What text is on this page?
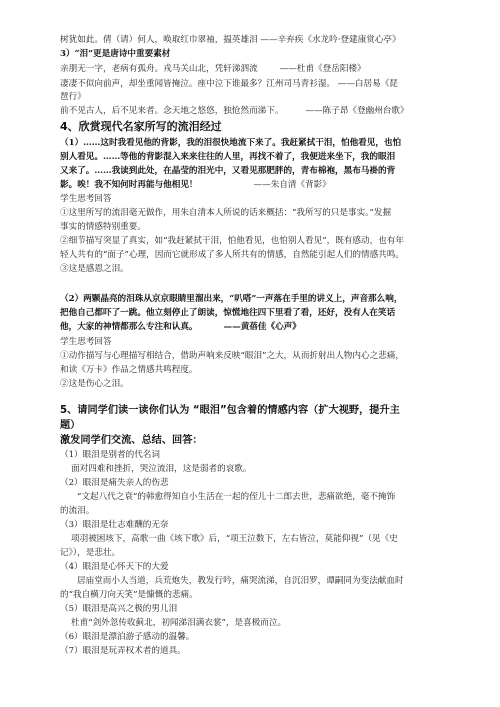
树犹如此。倩（请）何人，唤取红巾翠袖，揾英雄泪 ——辛弃疾《水龙吟·登建康赏心亭》
3）“泪”更是唐诗中重要素材
亲朋无一字，老病有孤舟。戎马关山北，凭轩涕泗流	——杜甫《登岳阳楼》
凄凄不似向前声，却坐重闻皆掩泣。座中泣下谁最多？江州司马青衫湿。 ——白居易《琵
琶行》
前不见古人，后不见来者。念天地之悠悠，独怆然而涕下。	——陈子昂《登幽州台歌》
4、欣赏现代名家所写的流泪经过
（1）……这时我看见他的背影，我的泪很快地流下来了。我赶紧拭干泪，怕他看见，也怕
别人看见。……等他的背影混入来来往往的人里，再找不着了，我便进来坐下，我的眼泪
又来了。……我读到此处，在晶莹的泪光中，又看见那肥胖的，青布棉袍，黑布马褂的背
影。唉！我不知何时再能与他相见！	——朱自清《背影》
学生思考回答
①这里所写的流泪毫无做作，用朱自清本人所说的话来概括：“我所写的只是事实。”发掘
事实的情感特别重要。
②细节描写突显了真实，如“我赶紧拭干泪，怕他看见，也怕别人看见”，既有感动，也有年
轻人共有的“面子”心理，因而它就形成了多人所共有的情感，自然能引起人们的情感共鸣。
③这是感恩之泪。
（2）两颗晶亮的泪珠从京京眼睛里溜出来，“叭嗒”一声落在手里的讲义上，声音那么响，
把他自己都吓了一跳。他立刻停止了朗读，惊慌地往四下里看了看，还好，没有人在笑话
他，大家的神情都那么专注和认真。	——黄蓓佳《心声》
学生思考回答
①动作描写与心理描写相结合，借助声响来反映“眼泪”之大，从而折射出人物内心之悲痛，
和读《万卡》作品之情感共鸣程度。
②这是伤心之泪。
5、请同学们读一读你们认为 “眼泪”包含着的情感内容（扩大视野，提升主
题）
激发同学们交流、总结、回答：
（1）眼泪是别者的代名词
面对四难和挫折，哭泣流泪，这是弱者的哀歌。
（2）眼泪是痛失亲人的伤悲
“文起八代之衰”的韩愈得知自小生活在一起的侄儿十二郎去世，悲痛欲绝，毫不掩饰
的流泪。
（3）眼泪是壮志难酬的无奈
项羽被困垓下，高歌一曲《垓下歌》后，“项王泣数下，左右皆泣，莫能仰视”（见《史
记》），是悲壮。
（4）眼泪是心怀天下的大爱
居庙堂而小人当道，兵荒炮失，教发行吟，痛哭流涕，自沉汨罗，谭嗣同为变法献血时
的“我自横刀向天笑”是慷慨的悲痛。
（5）眼泪是高兴之极的男儿泪
杜甫“剑外忽传收蓟北，初闻涕泪满衣裳”，是喜极而泣。
（6）眼泪是漂泊游子感动的温馨。
（7）眼泪是玩弄权术者的道具。
